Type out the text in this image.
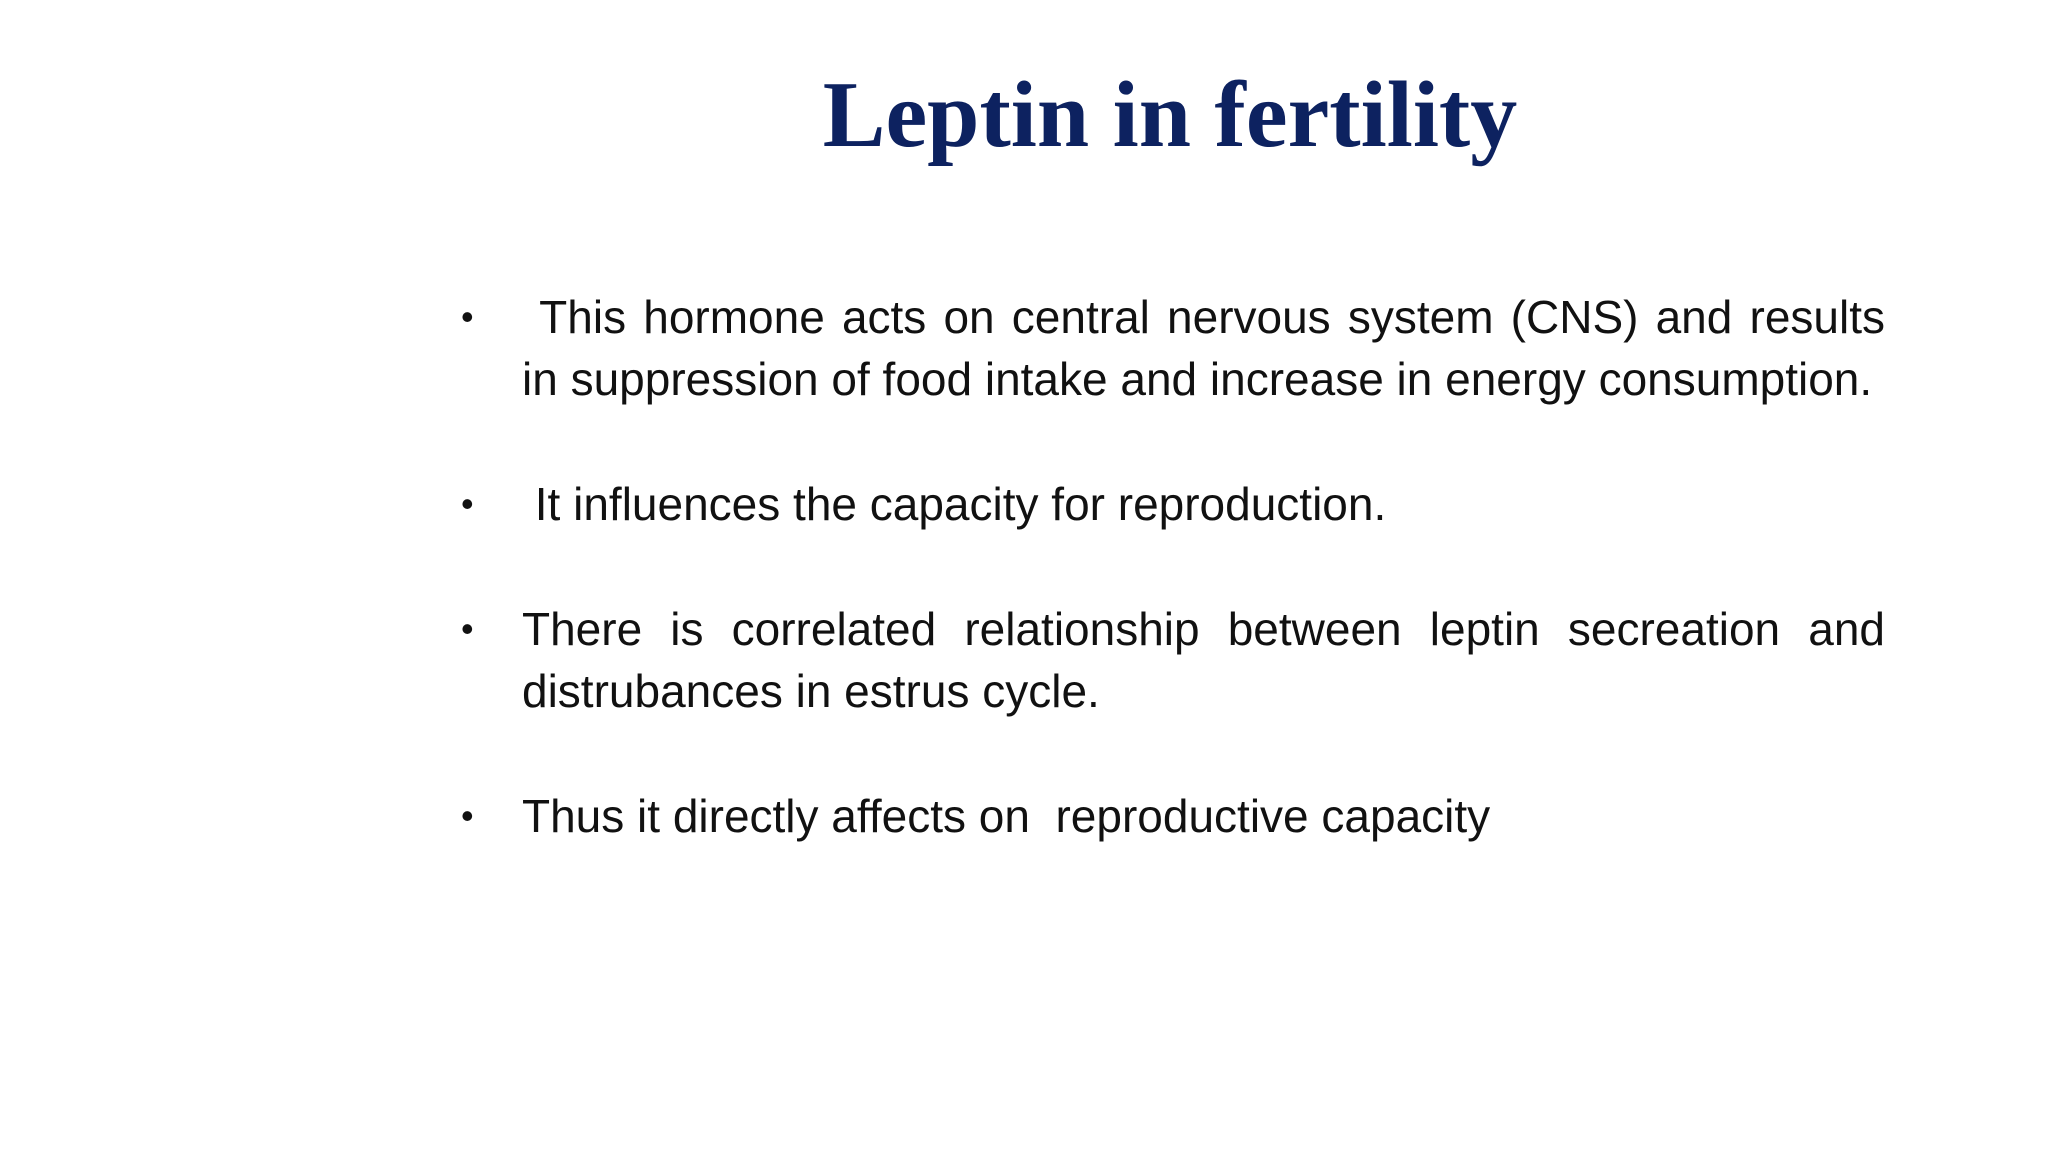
Leptin in fertility
• This hormone acts on central nervous system (CNS) and results in suppression of food intake and increase in energy consumption.
• It influences the capacity for reproduction.
• There is correlated relationship between leptin secreation and distrubances in estrus cycle.
• Thus it directly affects on  reproductive capacity
